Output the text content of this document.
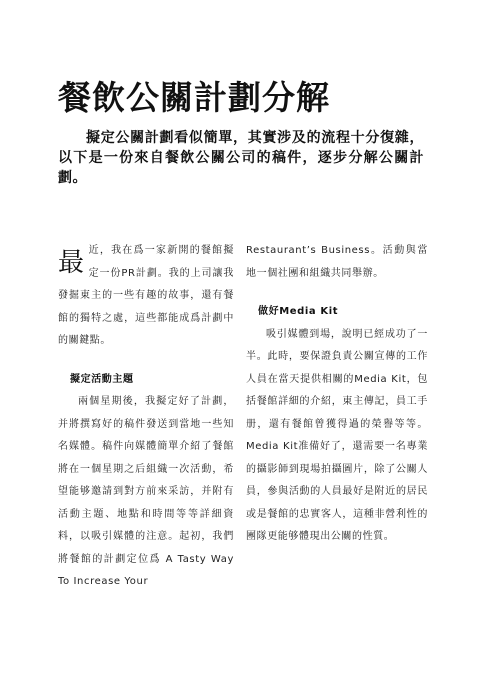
餐飲公關計劃分解

擬定公關計劃看似簡單，其實涉及的流程十分復雜，以下是一份來自餐飲公關公司的稿件，逐步分解公關計劃。

最近，我在爲一家新開的餐館擬定一份PR計劃。我的上司讓我發掘東主的一些有趣的故事，還有餐館的獨特之處，這些都能成爲計劃中的關鍵點。

擬定活動主題

兩個星期後，我擬定好了計劃，并將撰寫好的稿件發送到當地一些知名媒體。稿件向媒體簡單介紹了餐館將在一個星期之后組織一次活動，希望能够邀請到對方前來采訪，并附有活動主題、地點和時間等等詳細資料，以吸引媒體的注意。起初，我們將餐館的計劃定位爲 A Tasty Way To Increase Your

Restaurant’s Business。活動與當地一個社團和組織共同舉辦。

做好Media Kit

吸引媒體到場，說明已經成功了一半。此時，要保證負責公關宣傳的工作人員在當天提供相關的Media Kit，包括餐館詳細的介紹，東主傳記，員工手册，還有餐館曾獲得過的榮譽等等。Media Kit准備好了，還需要一名專業的攝影師到現場拍攝圖片，除了公關人員，參與活動的人員最好是附近的居民或是餐館的忠實客人，這種非營利性的團隊更能够體現出公關的性質。
